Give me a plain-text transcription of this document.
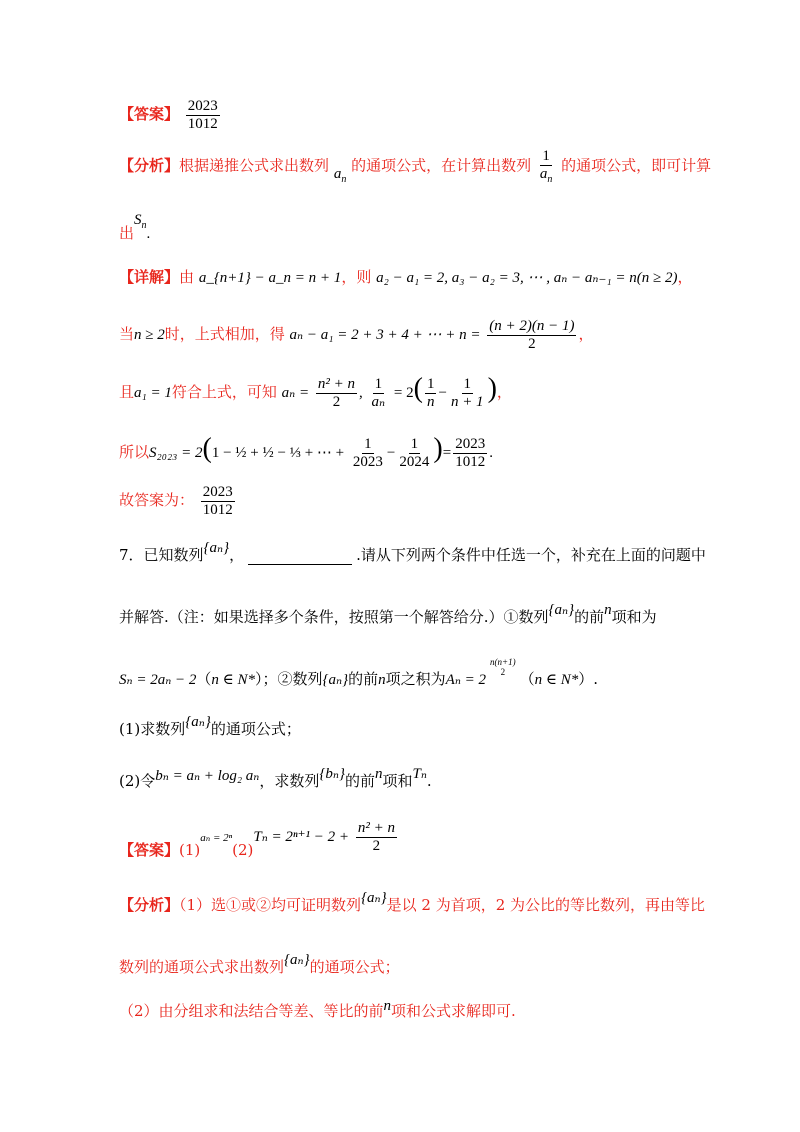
【答案】 $\frac{2023}{1012}$
【分析】根据递推公式求出数列 $a_n$ 的通项公式，在计算出数列 $\frac{1}{a_n}$ 的通项公式，即可计算
出$S_n$.
【详解】由 a_{n+1} − a_n = n + 1，则 a₂ − a₁ = 2, a₃ − a₂ = 3, ⋯ , aₙ − aₙ₋₁ = n(n ≥ 2)，
当n ≥ 2时，上式相加，得 aₙ − a₁ = 2 + 3 + 4 + ⋯ + $n = \frac{(n + 2)(n - 1)}{2}$ ，
且a₁ = 1符合上式，可知 $a_n = \frac{\text{n² + n}}{2}$ , $\frac{1}{\text{aₙ}} = 2( \frac{1}{n} - \frac{1}{n + 1}$ )，
所以S₂₀₂₃ = 2(1 − ½ + ½ − ⅓ + ⋯ + $\frac{1}{2023} - \frac{1}{2024}$ )= $\frac{2023}{1012}$ .
故答案为： $\frac{2023}{1012}$
7．已知数列{aₙ}，	.请从下列两个条件中任选一个，补充在上面的问题中
并解答.（注：如果选择多个条件，按照第一个解答给分.）①数列{aₙ}的前n项和为
Sₙ = 2aₙ − 2（n ∈ N*）；②数列{aₙ}的前n项之积为Aₙ = 2
n(n+1)
2 （n ∈ N*）.
(1)求数列{aₙ}的通项公式；
(2)令bₙ = aₙ + log₂ aₙ，求数列{bₙ}的前n项和Tₙ.
【答案】$(1)a_n = 2^n(2)T_n = 2^{n+1} - 2 + \frac{\text{n² + n}}{2}$
【分析】（1）选①或②均可证明数列{aₙ}是以 2 为首项，2 为公比的等比数列，再由等比
数列的通项公式求出数列{aₙ}的通项公式；
（2）由分组求和法结合等差、等比的前n项和公式求解即可.
